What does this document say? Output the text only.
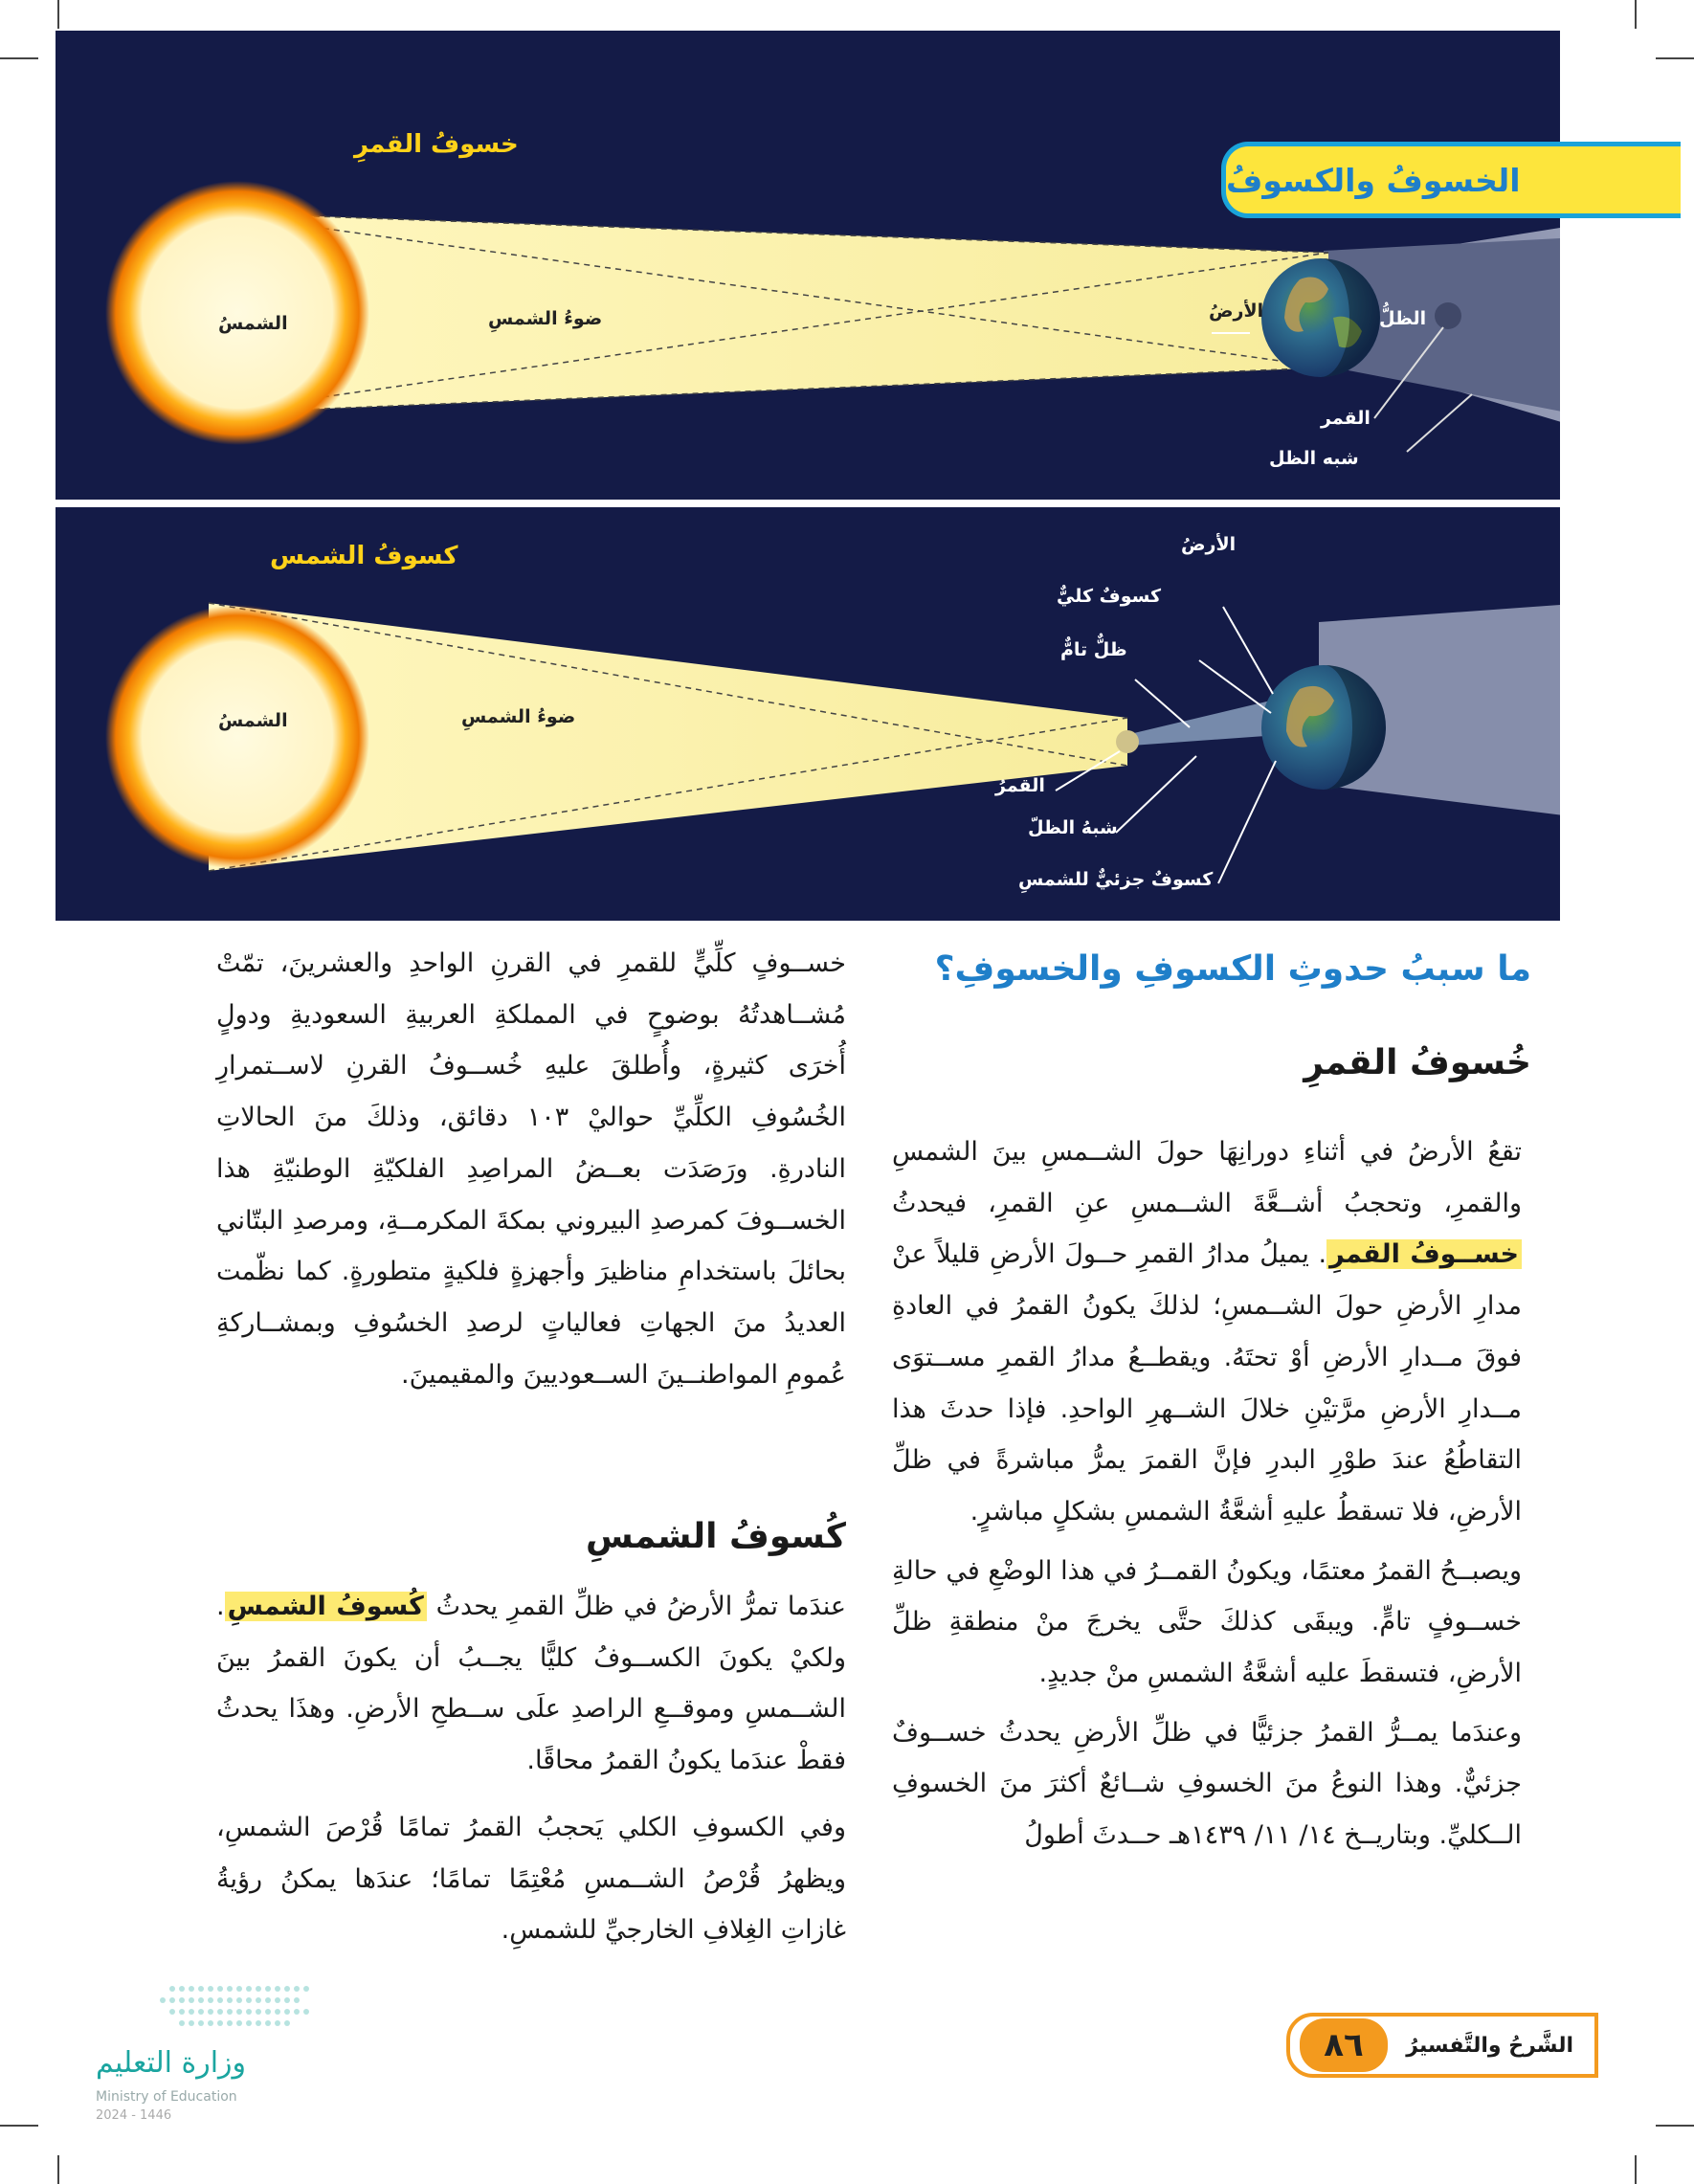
خسوفُ القمرِ
الشمسُ	ضوءُ الشمسِ	الأرضُ	الظلُّ
القمر
شبه الظل
الخسوفُ والكسوفُ
كسوفُ الشمس
الشمسُ	ضوءُ الشمسِ
الأرضُ
كسوفٌ كليٌّ
ظلٌّ تامٌّ
القمرُ
شبهُ الظلّ
كسوفٌ جزئيٌّ للشمسِ
ما سببُ حدوثِ الكسوفِ والخسوفِ؟
خُسوفُ القمرِ

تقعُ الأرضُ في أثناءِ دورانِهَا حولَ الشــمسِ بينَ الشمسِ والقمرِ، وتحجبُ أشــعَّةَ الشــمسِ عنِ القمرِ، فيحدثُ خســوفُ القمرِ. يميلُ مدارُ القمرِ حــولَ الأرضِ قليلاً عنْ مدارِ الأرضِ حولَ الشــمسِ؛ لذلكَ يكونُ القمرُ في العادةِ فوقَ مــدارِ الأرضِ أوْ تحتَهُ. ويقطــعُ مدارُ القمرِ مســتوَى مــدارِ الأرضِ مرَّتيْنِ خلالَ الشــهرِ الواحدِ. فإذا حدثَ هذا التقاطُعُ عندَ طوْرِ البدرِ فإنَّ القمرَ يمرُّ مباشرةً في ظلِّ الأرضِ، فلا تسقطُ عليهِ أشعَّةُ الشمسِ بشكلٍ مباشرٍ.

ويصبــحُ القمرُ معتمًا، ويكونُ القمــرُ في هذا الوضْعِ في حالةِ خســوفٍ تامٍّ. ويبقَى كذلكَ حتَّى يخرجَ منْ منطقةِ ظلِّ الأرضِ، فتسقطَ عليه أشعَّةُ الشمسِ منْ جديدٍ.

وعندَما يمــرُّ القمرُ جزئيًّا في ظلِّ الأرضِ يحدثُ خســوفٌ جزئيٌّ. وهذا النوعُ منَ الخسوفِ شــائعٌ أكثرَ منَ الخسوفِ الــكليِّ. وبتاريــخ ١٤/ ١١/ ١٤٣٩هـ حــدثَ أطولُ

خســوفٍ كلِّيٍّ للقمرِ في القرنِ الواحدِ والعشرينَ، تمّتْ مُشــاهدتُهُ بوضوحٍ في المملكةِ العربيةِ السعوديةِ ودولٍ أُخرَى كثيرةٍ، وأُطلقَ عليهِ خُســوفُ القرنِ لاســتمرارِ الخُسُوفِ الكلِّيِّ حواليْ ١٠٣ دقائق، وذلكَ منَ الحالاتِ النادرةِ. ورَصَدَت بعــضُ المراصِدِ الفلكيّةِ الوطنيّةِ هذا الخســوفَ كمرصدِ البيروني بمكةَ المكرمــةِ، ومرصدِ البتّاني بحائلَ باستخدامِ مناظيرَ وأجهزةٍ فلكيةٍ متطورةٍ. كما نظّمت العديدُ منَ الجهاتِ فعالياتٍ لرصدِ الخسُوفِ وبمشــاركةِ عُمومِ المواطنــينَ الســعوديينَ والمقيمينَ.

كُسوفُ الشمسِ

عندَما تمرُّ الأرضُ في ظلِّ القمرِ يحدثُ كُسوفُ الشمسِ. ولكيْ يكونَ الكســوفُ كليًّا يجــبُ أن يكونَ القمرُ بينَ الشــمسِ وموقــعِ الراصدِ علَى ســطحِ الأرضِ. وهذَا يحدثُ فقطْ عندَما يكونُ القمرُ محاقًا.

وفي الكسوفِ الكلي يَحجبُ القمرُ تمامًا قُرْصَ الشمسِ، ويظهرُ قُرْصُ الشــمسِ مُعْتِمًا تمامًا؛ عندَها يمكنُ رؤيةُ غازاتِ الغِلافِ الخارجيِّ للشمسِ.

الشَّرحُ والتَّفسيرُ
٨٦
وزارة التعليم
Ministry of Education
2024 - 1446
